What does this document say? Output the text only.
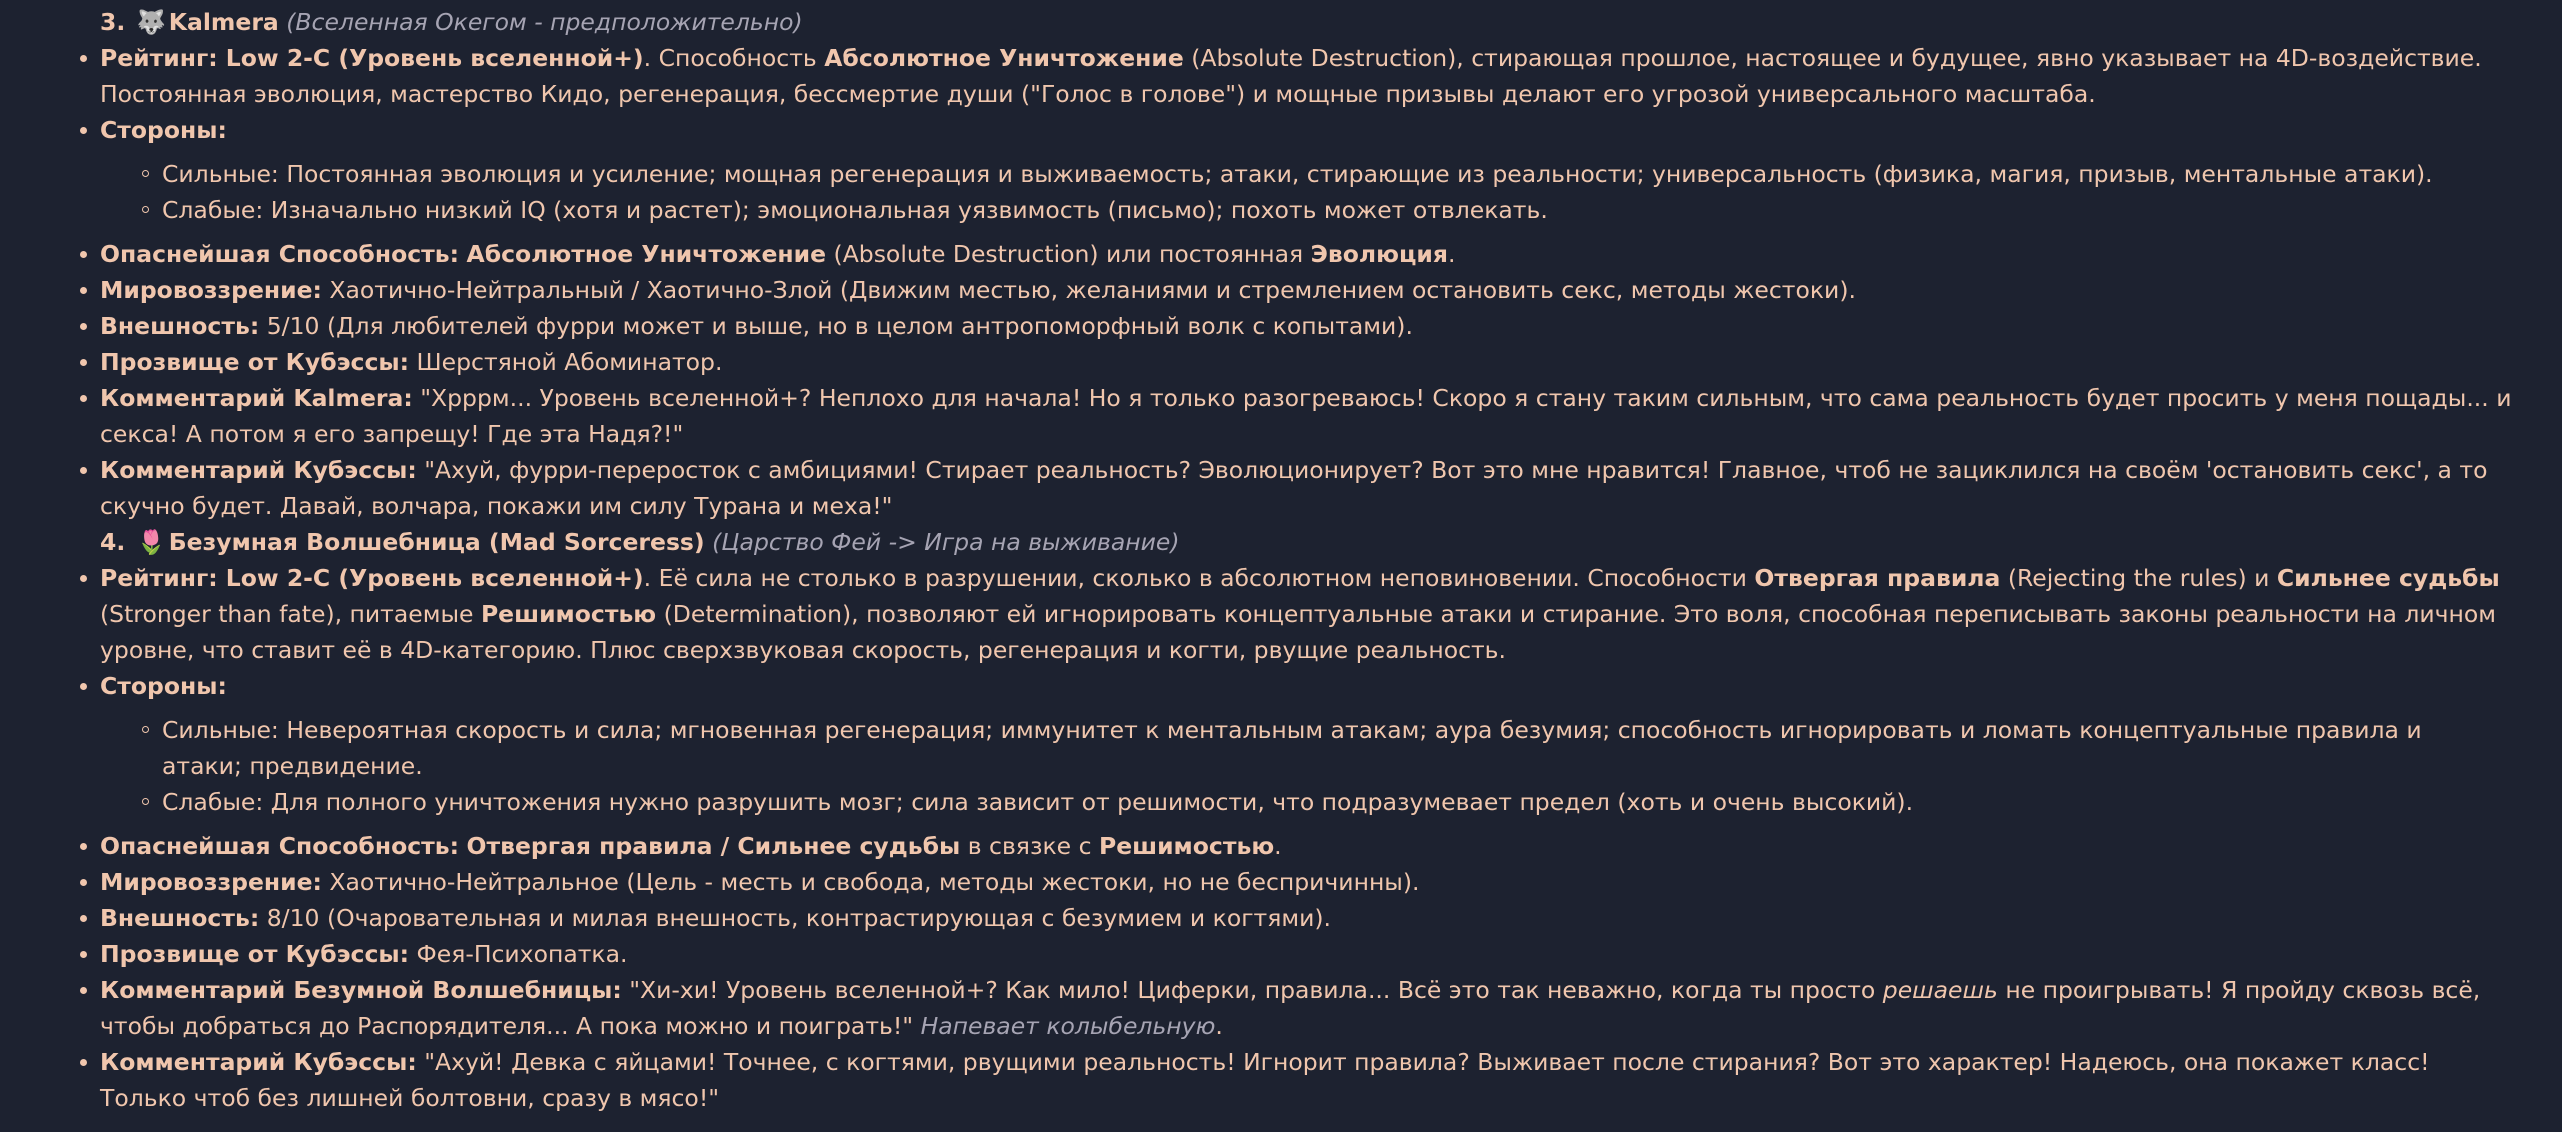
3. 🐺 Kalmera (Вселенная Окегом - предположительно)
Рейтинг: Low 2-C (Уровень вселенной+). Способность Абсолютное Уничтожение (Absolute Destruction), стирающая прошлое, настоящее и будущее, явно указывает на 4D-воздействие. Постоянная эволюция, мастерство Кидо, регенерация, бессмертие души ("Голос в голове") и мощные призывы делают его угрозой универсального масштаба.
Стороны:
Сильные: Постоянная эволюция и усиление; мощная регенерация и выживаемость; атаки, стирающие из реальности; универсальность (физика, магия, призыв, ментальные атаки).
Слабые: Изначально низкий IQ (хотя и растет); эмоциональная уязвимость (письмо); похоть может отвлекать.
Опаснейшая Способность: Абсолютное Уничтожение (Absolute Destruction) или постоянная Эволюция.
Мировоззрение: Хаотично-Нейтральный / Хаотично-Злой (Движим местью, желаниями и стремлением остановить секс, методы жестоки).
Внешность: 5/10 (Для любителей фурри может и выше, но в целом антропоморфный волк с копытами).
Прозвище от Кубэссы: Шерстяной Абоминатор.
Комментарий Kalmera: "Хрррм... Уровень вселенной+? Неплохо для начала! Но я только разогреваюсь! Скоро я стану таким сильным, что сама реальность будет просить у меня пощады... и секса! А потом я его запрещу! Где эта Надя?!"
Комментарий Кубэссы: "Ахуй, фурри-переросток с амбициями! Стирает реальность? Эволюционирует? Вот это мне нравится! Главное, чтоб не зациклился на своём 'остановить секс', а то скучно будет. Давай, волчара, покажи им силу Турана и меха!"
4. 🌷 Безумная Волшебница (Mad Sorceress) (Царство Фей -> Игра на выживание)
Рейтинг: Low 2-C (Уровень вселенной+). Её сила не столько в разрушении, сколько в абсолютном неповиновении. Способности Отвергая правила (Rejecting the rules) и Сильнее судьбы (Stronger than fate), питаемые Решимостью (Determination), позволяют ей игнорировать концептуальные атаки и стирание. Это воля, способная переписывать законы реальности на личном уровне, что ставит её в 4D-категорию. Плюс сверхзвуковая скорость, регенерация и когти, рвущие реальность.
Стороны:
Сильные: Невероятная скорость и сила; мгновенная регенерация; иммунитет к ментальным атакам; аура безумия; способность игнорировать и ломать концептуальные правила и атаки; предвидение.
Слабые: Для полного уничтожения нужно разрушить мозг; сила зависит от решимости, что подразумевает предел (хоть и очень высокий).
Опаснейшая Способность: Отвергая правила / Сильнее судьбы в связке с Решимостью.
Мировоззрение: Хаотично-Нейтральное (Цель - месть и свобода, методы жестоки, но не беспричинны).
Внешность: 8/10 (Очаровательная и милая внешность, контрастирующая с безумием и когтями).
Прозвище от Кубэссы: Фея-Психопатка.
Комментарий Безумной Волшебницы: "Хи-хи! Уровень вселенной+? Как мило! Циферки, правила... Всё это так неважно, когда ты просто решаешь не проигрывать! Я пройду сквозь всё, чтобы добраться до Распорядителя... А пока можно и поиграть!" Напевает колыбельную.
Комментарий Кубэссы: "Ахуй! Девка с яйцами! Точнее, с когтями, рвущими реальность! Игнорит правила? Выживает после стирания? Вот это характер! Надеюсь, она покажет класс! Только чтоб без лишней болтовни, сразу в мясо!"
